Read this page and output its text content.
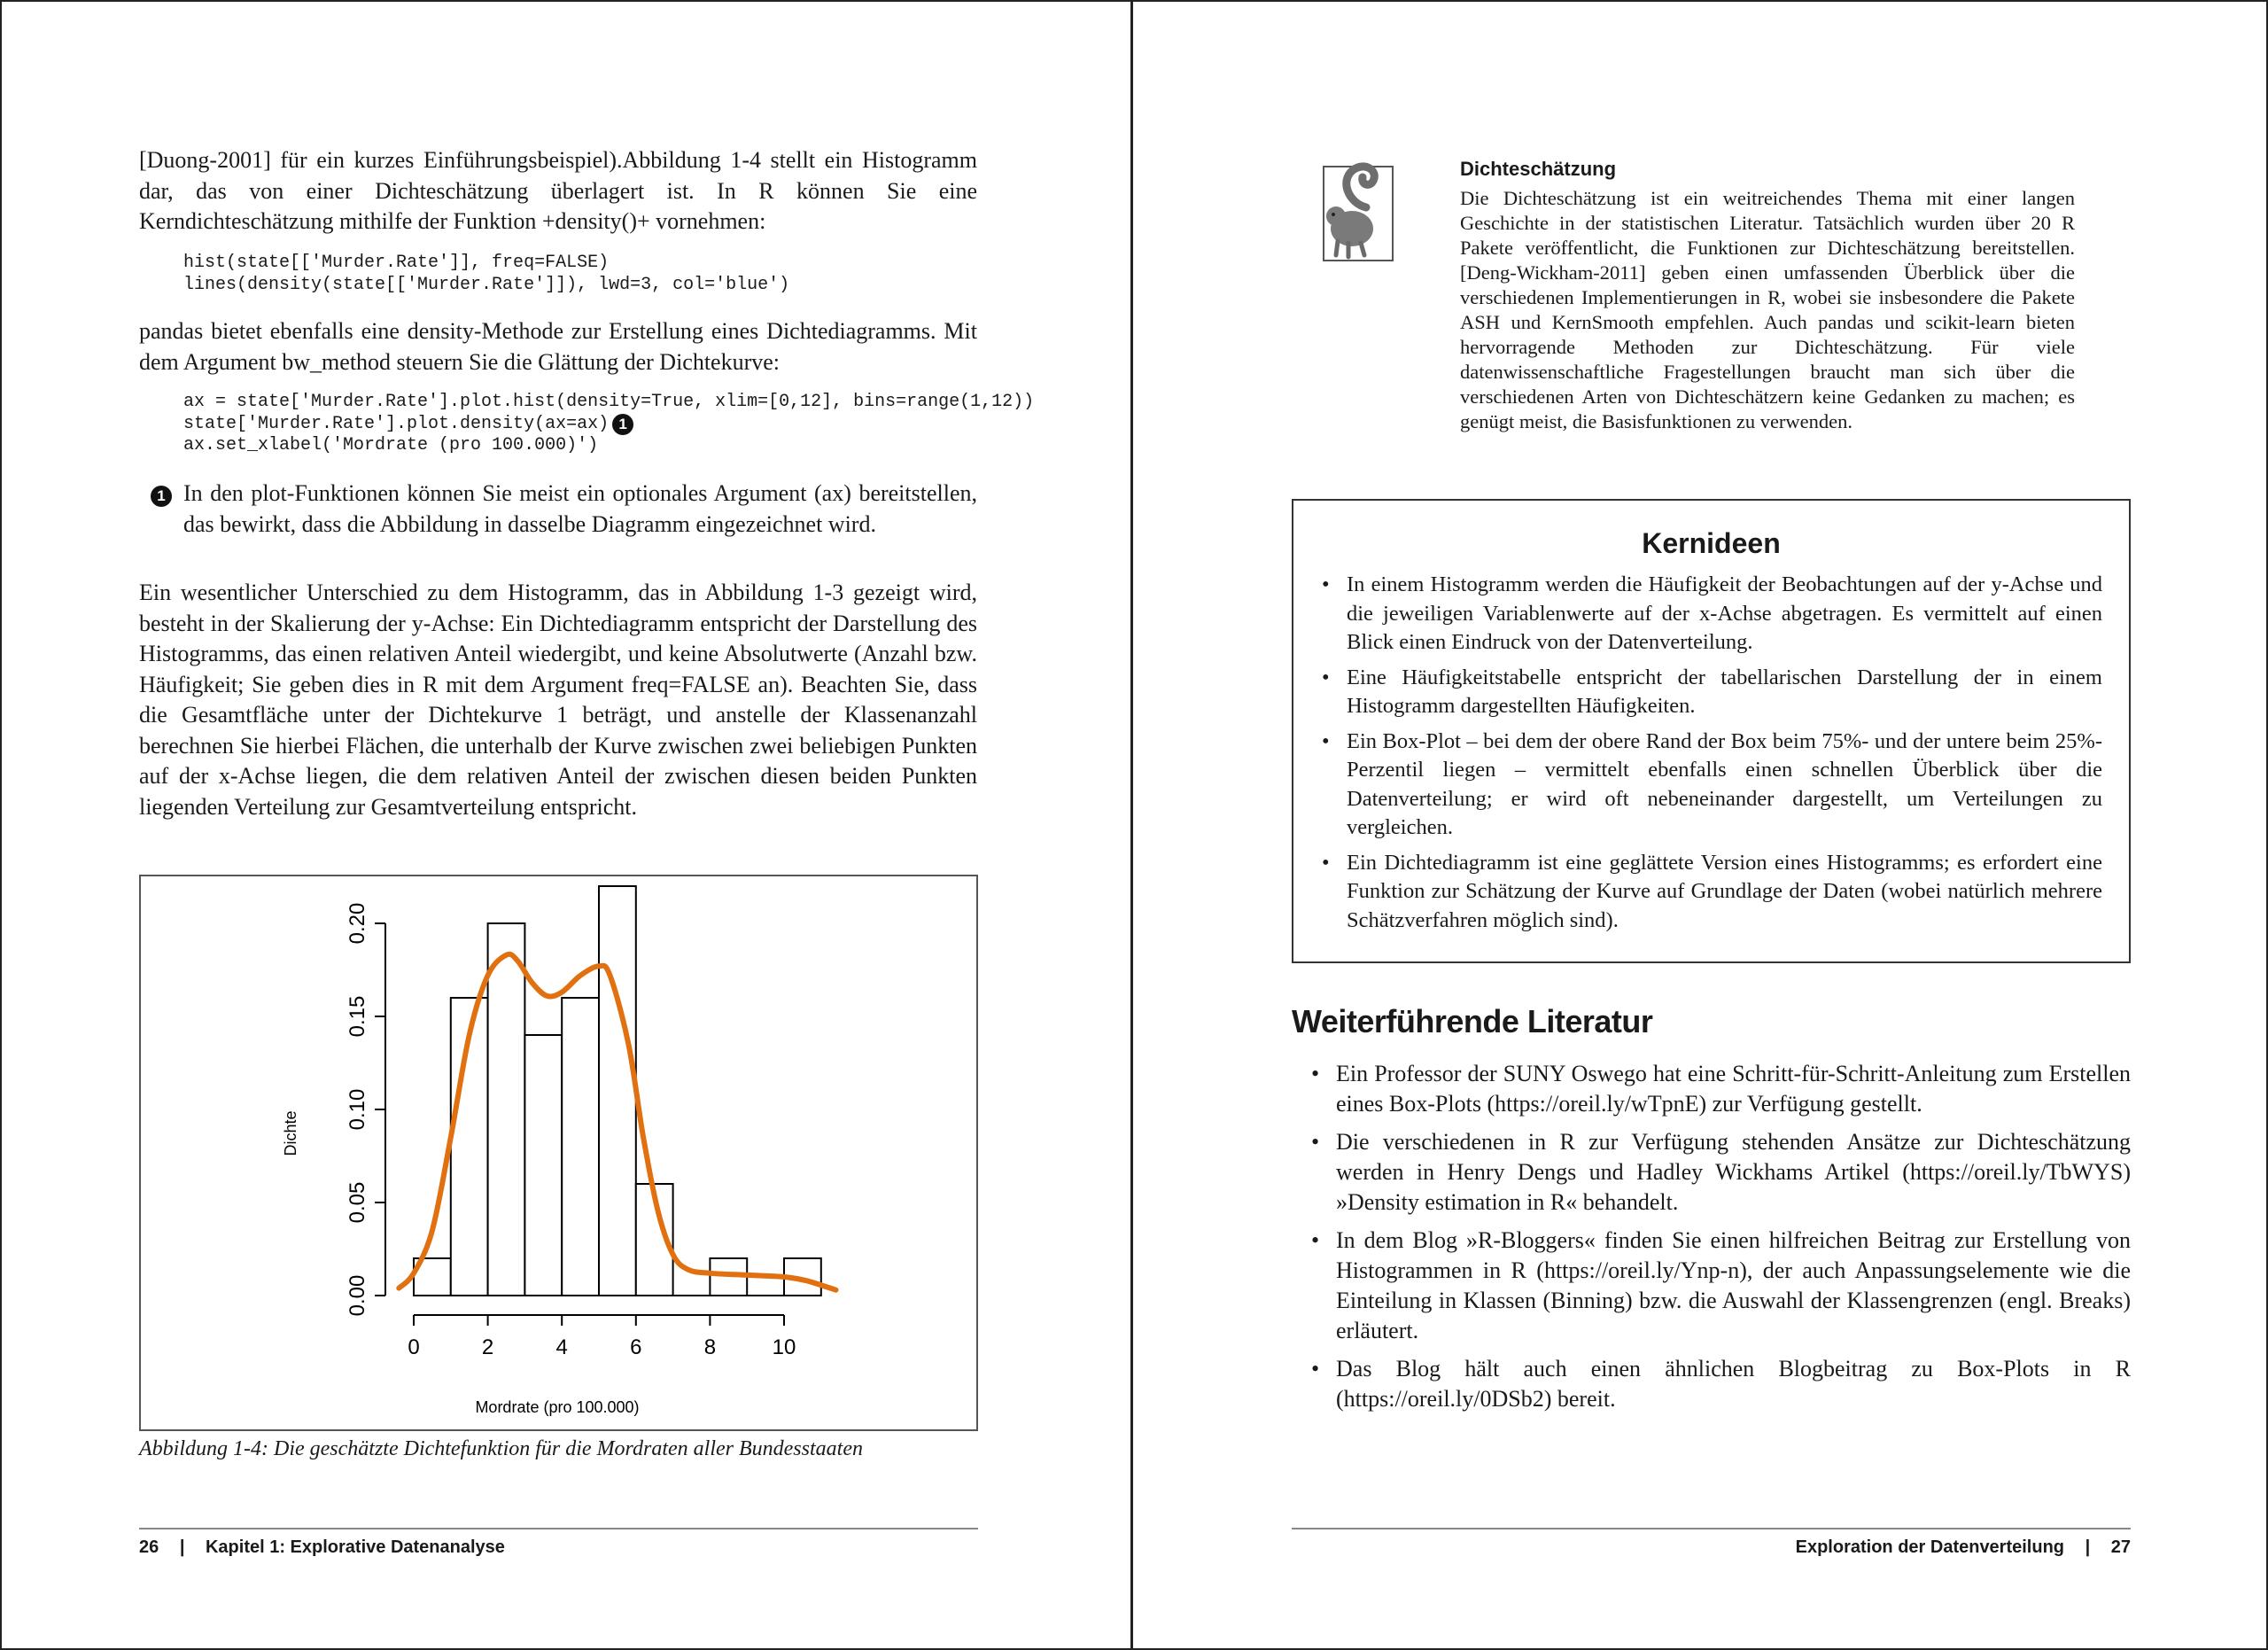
[Duong-2001] für ein kurzes Einführungsbeispiel).Abbildung 1-4 stellt ein Histogramm dar, das von einer Dichteschätzung überlagert ist. In R können Sie eine Kerndichteschätzung mithilfe der Funktion +density()+ vornehmen:

hist(state[['Murder.Rate']], freq=FALSE)
lines(density(state[['Murder.Rate']]), lwd=3, col='blue')

pandas bietet ebenfalls eine density-Methode zur Erstellung eines Dichtediagramms. Mit dem Argument bw_method steuern Sie die Glättung der Dichtekurve:

ax = state['Murder.Rate'].plot.hist(density=True, xlim=[0,12], bins=range(1,12))
state['Murder.Rate'].plot.density(ax=ax) 1
ax.set_xlabel('Mordrate (pro 100.000)')
1 In den plot-Funktionen können Sie meist ein optionales Argument (ax) bereitstellen, das bewirkt, dass die Abbildung in dasselbe Diagramm eingezeichnet wird.

Ein wesentlicher Unterschied zu dem Histogramm, das in Abbildung 1-3 gezeigt wird, besteht in der Skalierung der y-Achse: Ein Dichtediagramm entspricht der Darstellung des Histogramms, das einen relativen Anteil wiedergibt, und keine Absolutwerte (Anzahl bzw. Häufigkeit; Sie geben dies in R mit dem Argument freq=FALSE an). Beachten Sie, dass die Gesamtfläche unter der Dichtekurve 1 beträgt, und anstelle der Klassenanzahl berechnen Sie hierbei Flächen, die unterhalb der Kurve zwischen zwei beliebigen Punkten auf der x-Achse liegen, die dem relativen Anteil der zwischen diesen beiden Punkten liegenden Verteilung zur Gesamtverteilung entspricht.

0.00
0.05
0.10
0.15
0.20
0	2	4	6	8	10
Dichte
Mordrate (pro 100.000)

Abbildung 1-4: Die geschätzte Dichtefunktion für die Mordraten aller Bundesstaaten

26 | Kapitel 1: Explorative Datenanalyse
Dichteschätzung

Die Dichteschätzung ist ein weitreichendes Thema mit einer langen Geschichte in der statistischen Literatur. Tatsächlich wurden über 20 R Pakete veröffentlicht, die Funktionen zur Dichteschätzung bereitstellen. [Deng-Wickham-2011] geben einen umfassenden Überblick über die verschiedenen Implementierungen in R, wobei sie insbesondere die Pakete ASH und KernSmooth empfehlen. Auch pandas und scikit-learn bieten hervorragende Methoden zur Dichteschätzung. Für viele datenwissenschaftliche Fragestellungen braucht man sich über die verschiedenen Arten von Dichteschätzern keine Gedanken zu machen; es genügt meist, die Basisfunktionen zu verwenden.

Kernideen
• In einem Histogramm werden die Häufigkeit der Beobachtungen auf der y-Achse und die jeweiligen Variablenwerte auf der x-Achse abgetragen. Es vermittelt auf einen Blick einen Eindruck von der Datenverteilung.
• Eine Häufigkeitstabelle entspricht der tabellarischen Darstellung der in einem Histogramm dargestellten Häufigkeiten.
• Ein Box-Plot – bei dem der obere Rand der Box beim 75%- und der untere beim 25%-Perzentil liegen – vermittelt ebenfalls einen schnellen Überblick über die Datenverteilung; er wird oft nebeneinander dargestellt, um Verteilungen zu vergleichen.
• Ein Dichtediagramm ist eine geglättete Version eines Histogramms; es erfordert eine Funktion zur Schätzung der Kurve auf Grundlage der Daten (wobei natürlich mehrere Schätzverfahren möglich sind).
Weiterführende Literatur
• Ein Professor der SUNY Oswego hat eine Schritt-für-Schritt-Anleitung zum Erstellen eines Box-Plots (https://oreil.ly/wTpnE) zur Verfügung gestellt.
• Die verschiedenen in R zur Verfügung stehenden Ansätze zur Dichteschätzung werden in Henry Dengs und Hadley Wickhams Artikel (https://oreil.ly/TbWYS) »Density estimation in R« behandelt.
• In dem Blog »R-Bloggers« finden Sie einen hilfreichen Beitrag zur Erstellung von Histogrammen in R (https://oreil.ly/Ynp-n), der auch Anpassungselemente wie die Einteilung in Klassen (Binning) bzw. die Auswahl der Klassengrenzen (engl. Breaks) erläutert.
• Das Blog hält auch einen ähnlichen Blogbeitrag zu Box-Plots in R (https://oreil.ly/0DSb2) bereit.
Exploration der Datenverteilung | 27
